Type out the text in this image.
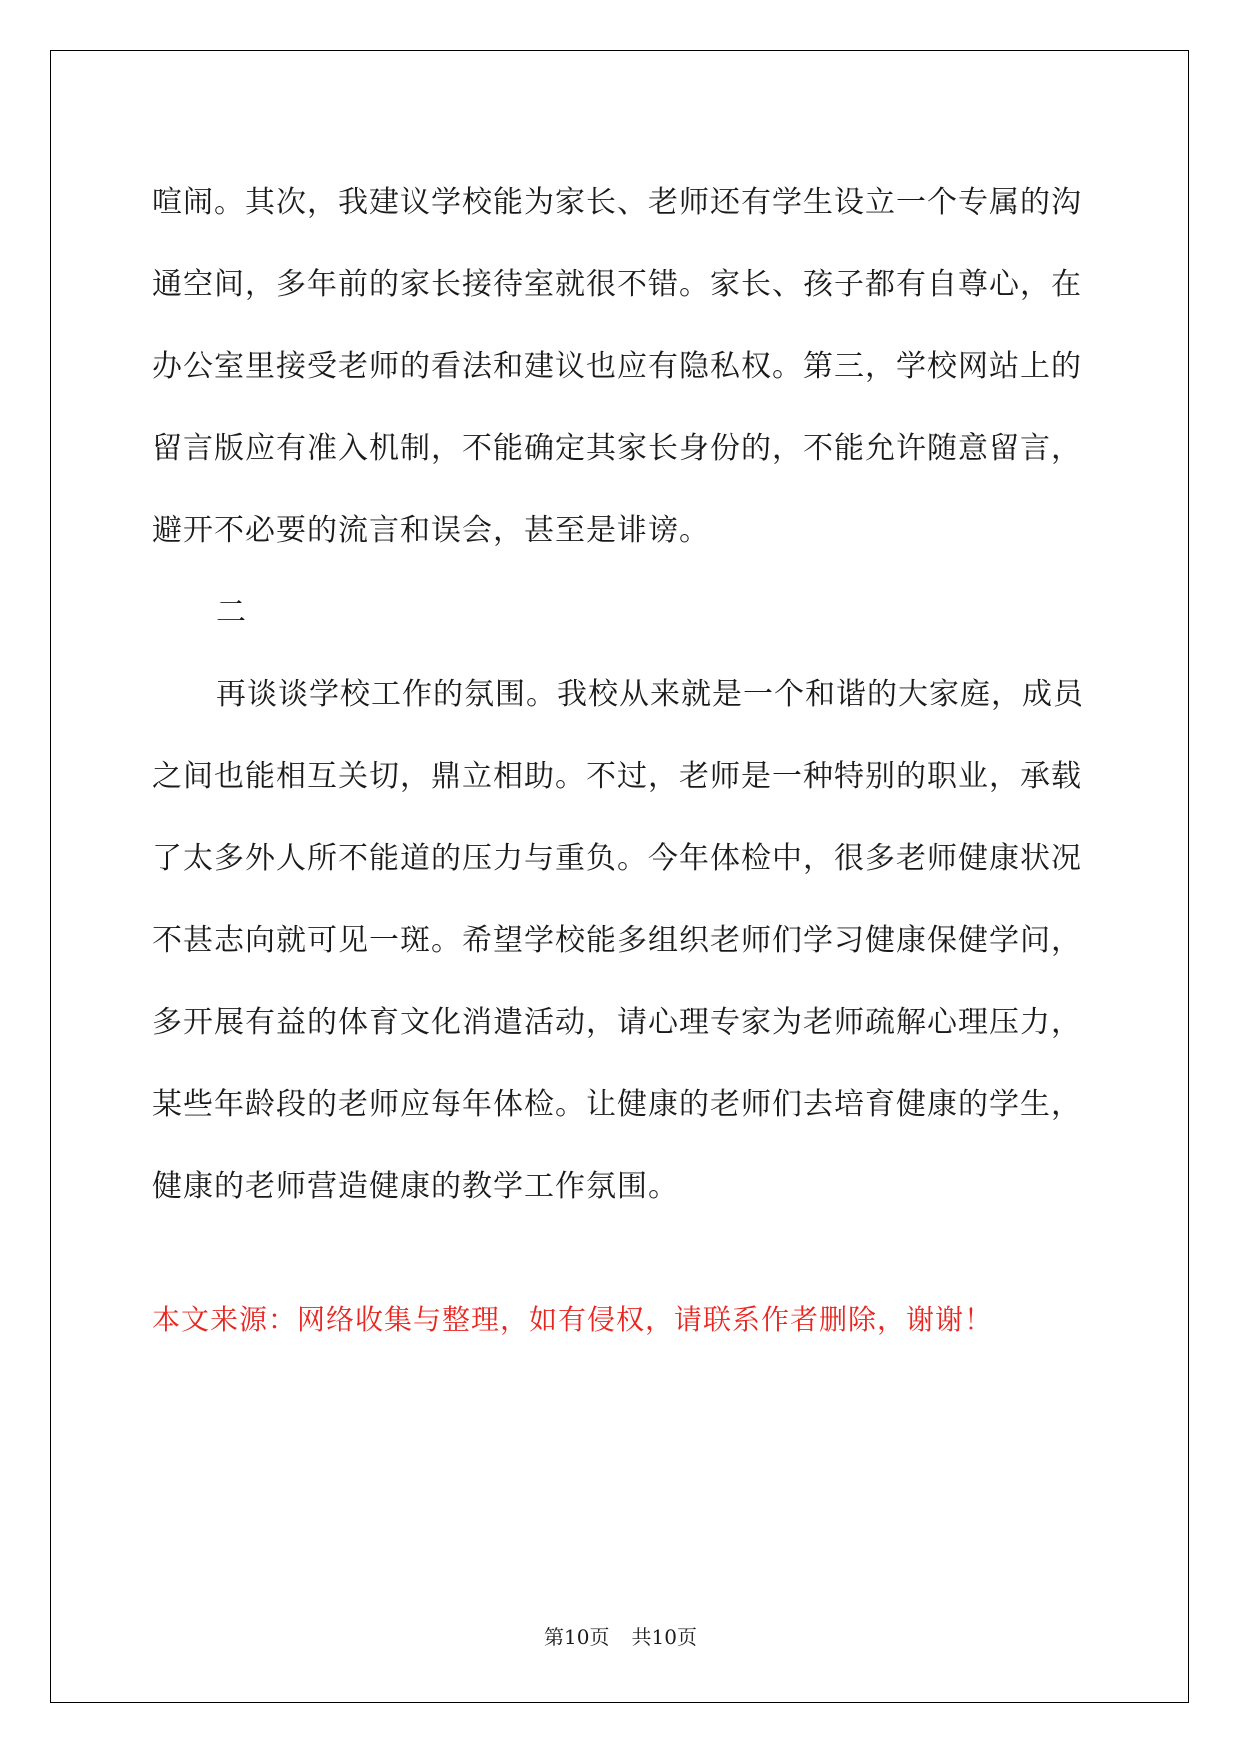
喧闹。其次，我建议学校能为家长、老师还有学生设立一个专属的沟
通空间，多年前的家长接待室就很不错。家长、孩子都有自尊心，在
办公室里接受老师的看法和建议也应有隐私权。第三，学校网站上的
留言版应有准入机制，不能确定其家长身份的，不能允许随意留言，
避开不必要的流言和误会，甚至是诽谤。
二
再谈谈学校工作的氛围。我校从来就是一个和谐的大家庭，成员
之间也能相互关切，鼎立相助。不过，老师是一种特别的职业，承载
了太多外人所不能道的压力与重负。今年体检中，很多老师健康状况
不甚志向就可见一斑。希望学校能多组织老师们学习健康保健学问，
多开展有益的体育文化消遣活动，请心理专家为老师疏解心理压力，
某些年龄段的老师应每年体检。让健康的老师们去培育健康的学生，
健康的老师营造健康的教学工作氛围。
本文来源：网络收集与整理，如有侵权，请联系作者删除，谢谢！
第10页 共10页
